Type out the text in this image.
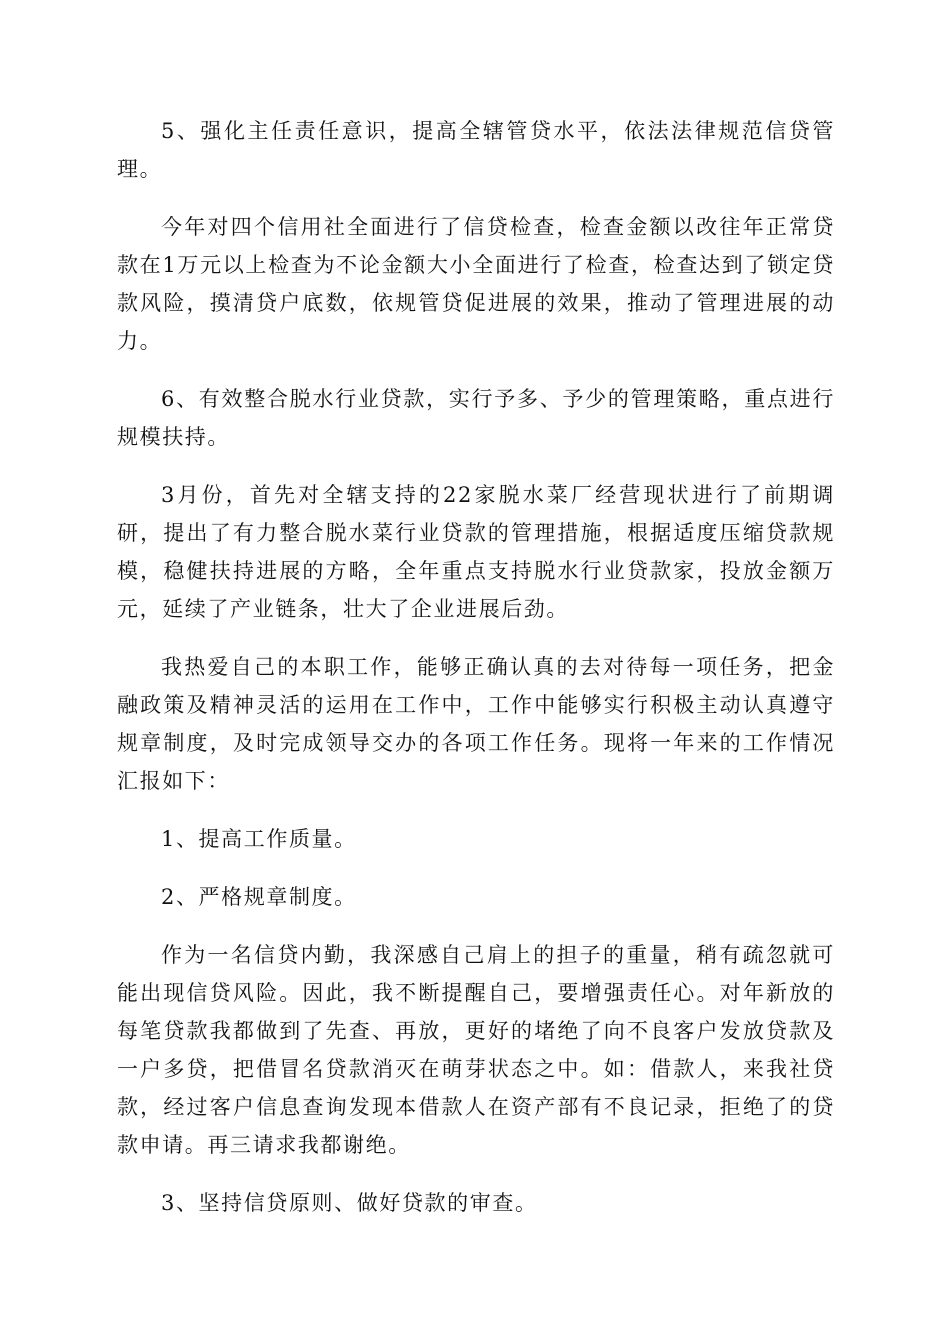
5、强化主任责任意识，提高全辖管贷水平，依法法律规范信贷管理。

今年对四个信用社全面进行了信贷检查，检查金额以改往年正常贷款在1万元以上检查为不论金额大小全面进行了检查，检查达到了锁定贷款风险，摸清贷户底数，依规管贷促进展的效果，推动了管理进展的动力。

6、有效整合脱水行业贷款，实行予多、予少的管理策略，重点进行规模扶持。

3月份，首先对全辖支持的22家脱水菜厂经营现状进行了前期调研，提出了有力整合脱水菜行业贷款的管理措施，根据适度压缩贷款规模，稳健扶持进展的方略，全年重点支持脱水行业贷款家，投放金额万元，延续了产业链条，壮大了企业进展后劲。

我热爱自己的本职工作，能够正确认真的去对待每一项任务，把金融政策及精神灵活的运用在工作中，工作中能够实行积极主动认真遵守规章制度，及时完成领导交办的各项工作任务。现将一年来的工作情况汇报如下：

1、提高工作质量。

2、严格规章制度。

作为一名信贷内勤，我深感自己肩上的担子的重量，稍有疏忽就可能出现信贷风险。因此，我不断提醒自己，要增强责任心。对年新放的每笔贷款我都做到了先查、再放，更好的堵绝了向不良客户发放贷款及一户多贷，把借冒名贷款消灭在萌芽状态之中。如：借款人，来我社贷款，经过客户信息查询发现本借款人在资产部有不良记录，拒绝了的贷款申请。再三请求我都谢绝。

3、坚持信贷原则、做好贷款的审查。
